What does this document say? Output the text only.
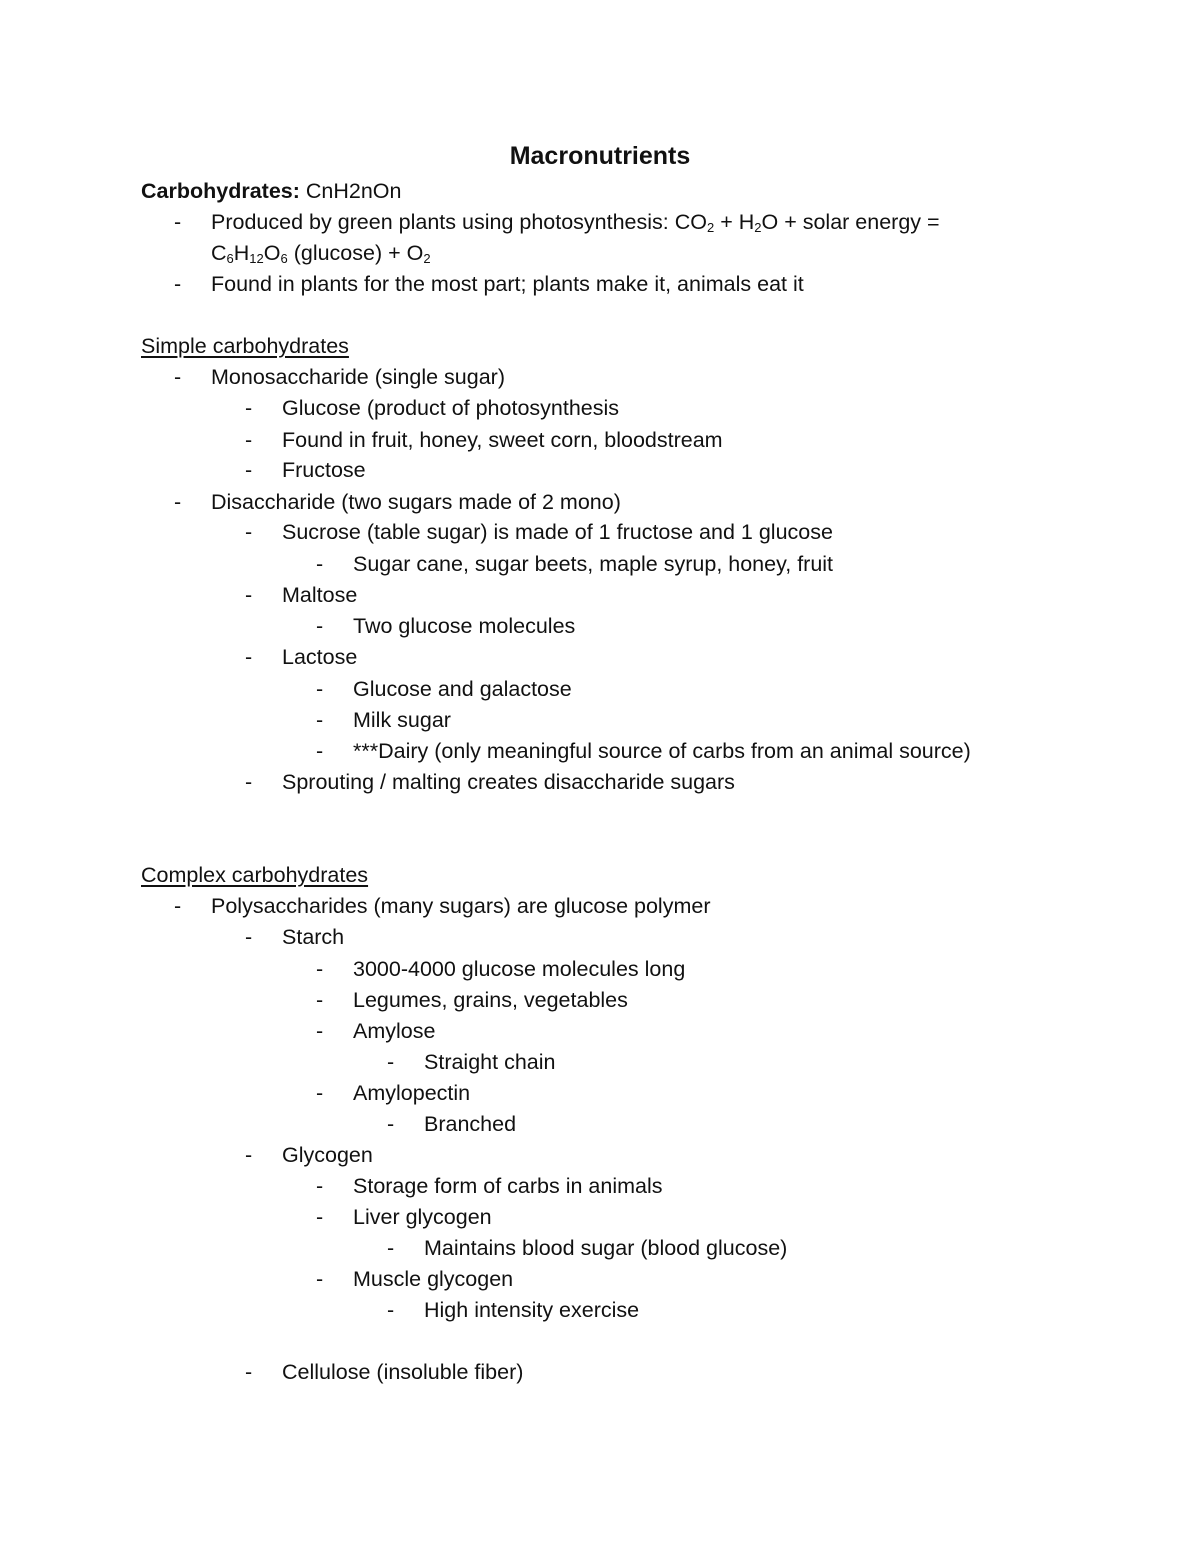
Macronutrients
Carbohydrates: CnH2nOn
- Produced by green plants using photosynthesis: $CO_2 + H_2O$ + solar energy =
$C_6H_{12}O_6$ $(glucose) + O_2$
- Found in plants for the most part; plants make it, animals eat it
Simple carbohydrates
- Monosaccharide (single sugar)
- Glucose (product of photosynthesis
- Found in fruit, honey, sweet corn, bloodstream
- Fructose
- Disaccharide (two sugars made of 2 mono)
- Sucrose (table sugar) is made of 1 fructose and 1 glucose
- Sugar cane, sugar beets, maple syrup, honey, fruit
- Maltose
- Two glucose molecules
- Lactose
- Glucose and galactose
- Milk sugar
- ***Dairy (only meaningful source of carbs from an animal source)
- Sprouting / malting creates disaccharide sugars
Complex carbohydrates
- Polysaccharides (many sugars) are glucose polymer
- Starch
- 3000-4000 glucose molecules long
- Legumes, grains, vegetables
- Amylose
- Straight chain
- Amylopectin
- Branched
- Glycogen
- Storage form of carbs in animals
- Liver glycogen
- Maintains blood sugar (blood glucose)
- Muscle glycogen
- High intensity exercise
- Cellulose (insoluble fiber)
